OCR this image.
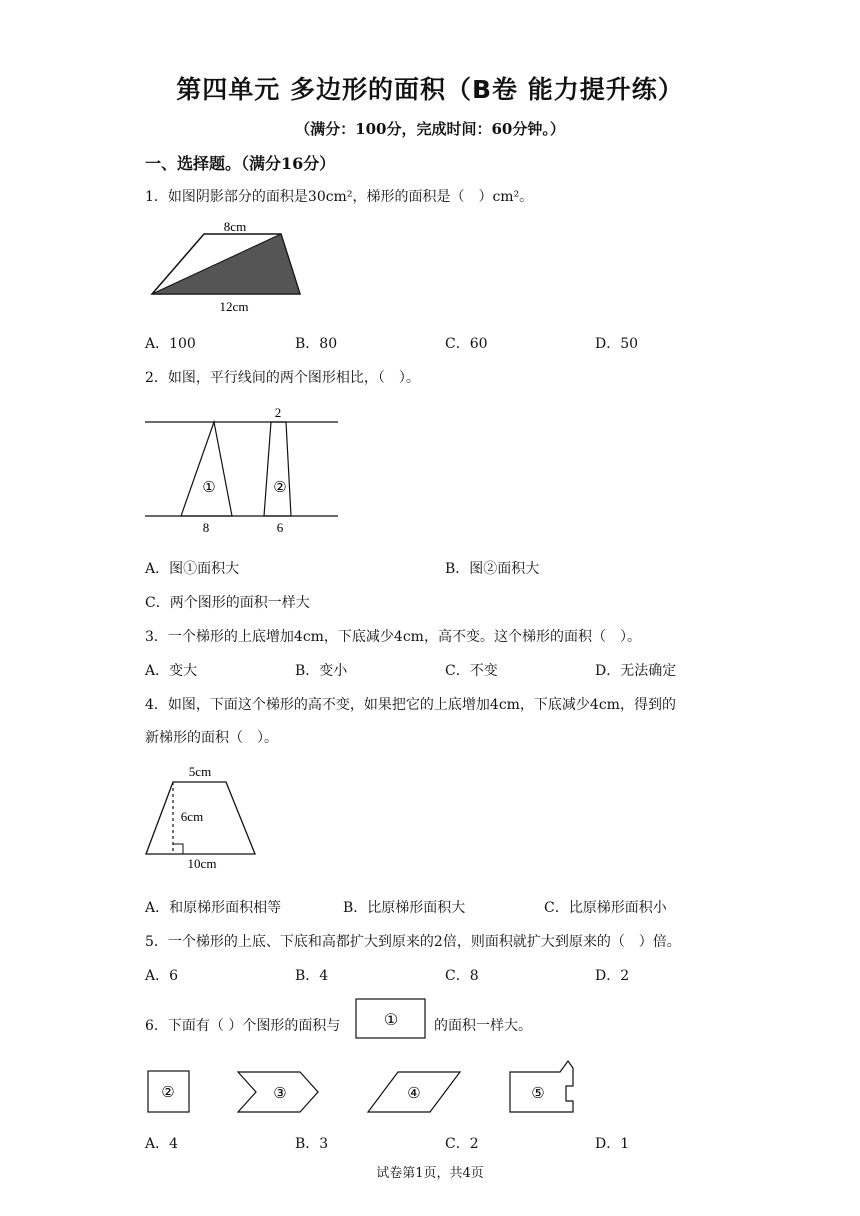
第四单元 多边形的面积（B卷 能力提升练）
（满分：100分，完成时间：60分钟。）
一、选择题。（满分16分）
1．如图阴影部分的面积是30cm²，梯形的面积是（　）cm²。
8cm
12cm
A．100	B．80	C．60	D．50
2．如图，平行线间的两个图形相比，（　）。
2
①	②
8	6
A．图①面积大	B．图②面积大
C．两个图形的面积一样大
3．一个梯形的上底增加4cm，下底减少4cm，高不变。这个梯形的面积（　）。
A．变大	B．变小	C．不变	D．无法确定
4．如图，下面这个梯形的高不变，如果把它的上底增加4cm，下底减少4cm，得到的
新梯形的面积（　）。
5cm
6cm
10cm
A．和原梯形面积相等	B．比原梯形面积大	C．比原梯形面积小
5．一个梯形的上底、下底和高都扩大到原来的2倍，则面积就扩大到原来的（　）倍。
A．6	B．4	C．8	D．2
6．下面有（ ）个图形的面积与	①	的面积一样大。
②	③	④	⑤
A．4	B．3	C．2	D．1
试卷第1页，共4页
